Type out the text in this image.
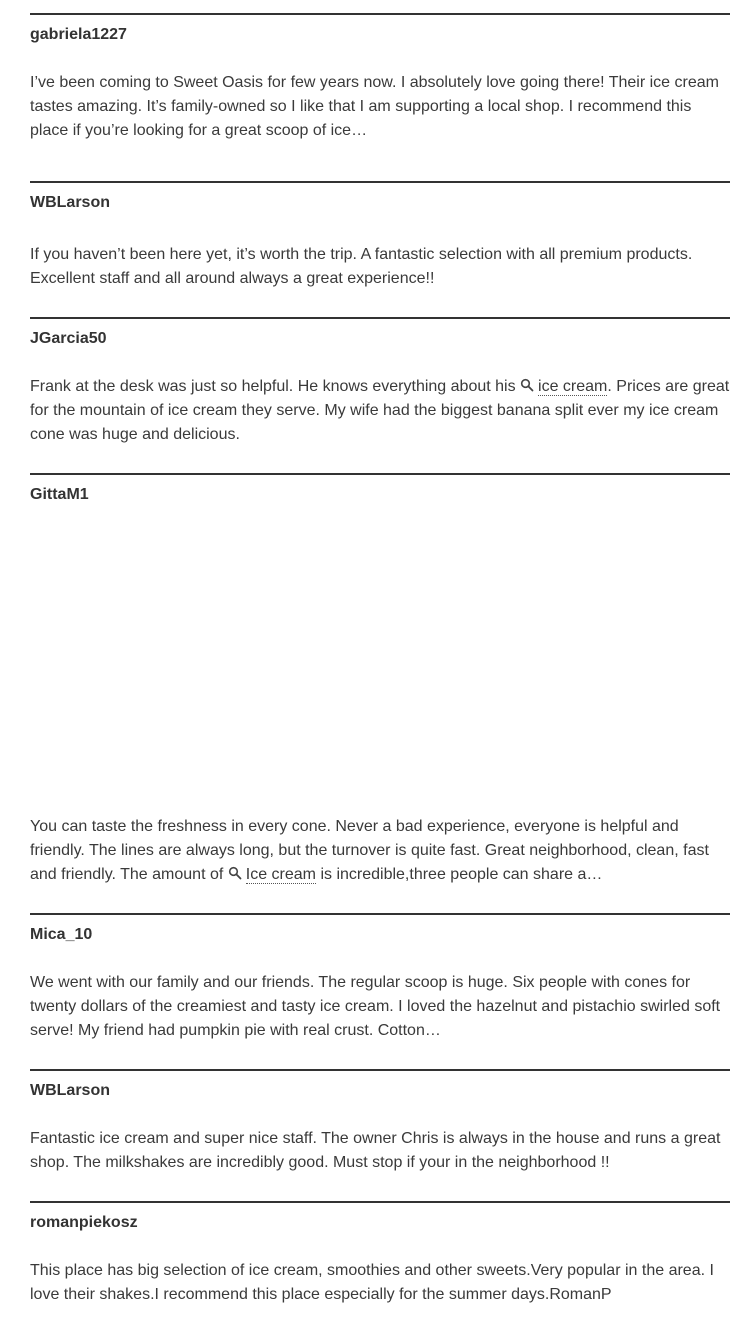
gabriela1227
I’ve been coming to Sweet Oasis for few years now. I absolutely love going there! Their ice cream tastes amazing. It’s family-owned so I like that I am supporting a local shop. I recommend this place if you’re looking for a great scoop of ice…
WBLarson
If you haven’t been here yet, it’s worth the trip. A fantastic selection with all premium products. Excellent staff and all around always a great experience!!
JGarcia50
Frank at the desk was just so helpful. He knows everything about his ice cream. Prices are great for the mountain of ice cream they serve. My wife had the biggest banana split ever my ice cream cone was huge and delicious.
GittaM1
You can taste the freshness in every cone. Never a bad experience, everyone is helpful and friendly. The lines are always long, but the turnover is quite fast. Great neighborhood, clean, fast and friendly. The amount of Ice cream is incredible,three people can share a…
Mica_10
We went with our family and our friends. The regular scoop is huge. Six people with cones for twenty dollars of the creamiest and tasty ice cream. I loved the hazelnut and pistachio swirled soft serve! My friend had pumpkin pie with real crust. Cotton…
WBLarson
Fantastic ice cream and super nice staff. The owner Chris is always in the house and runs a great shop. The milkshakes are incredibly good. Must stop if your in the neighborhood !!
romanpiekosz
This place has big selection of ice cream, smoothies and other sweets.Very popular in the area. I love their shakes.I recommend this place especially for the summer days.RomanP
